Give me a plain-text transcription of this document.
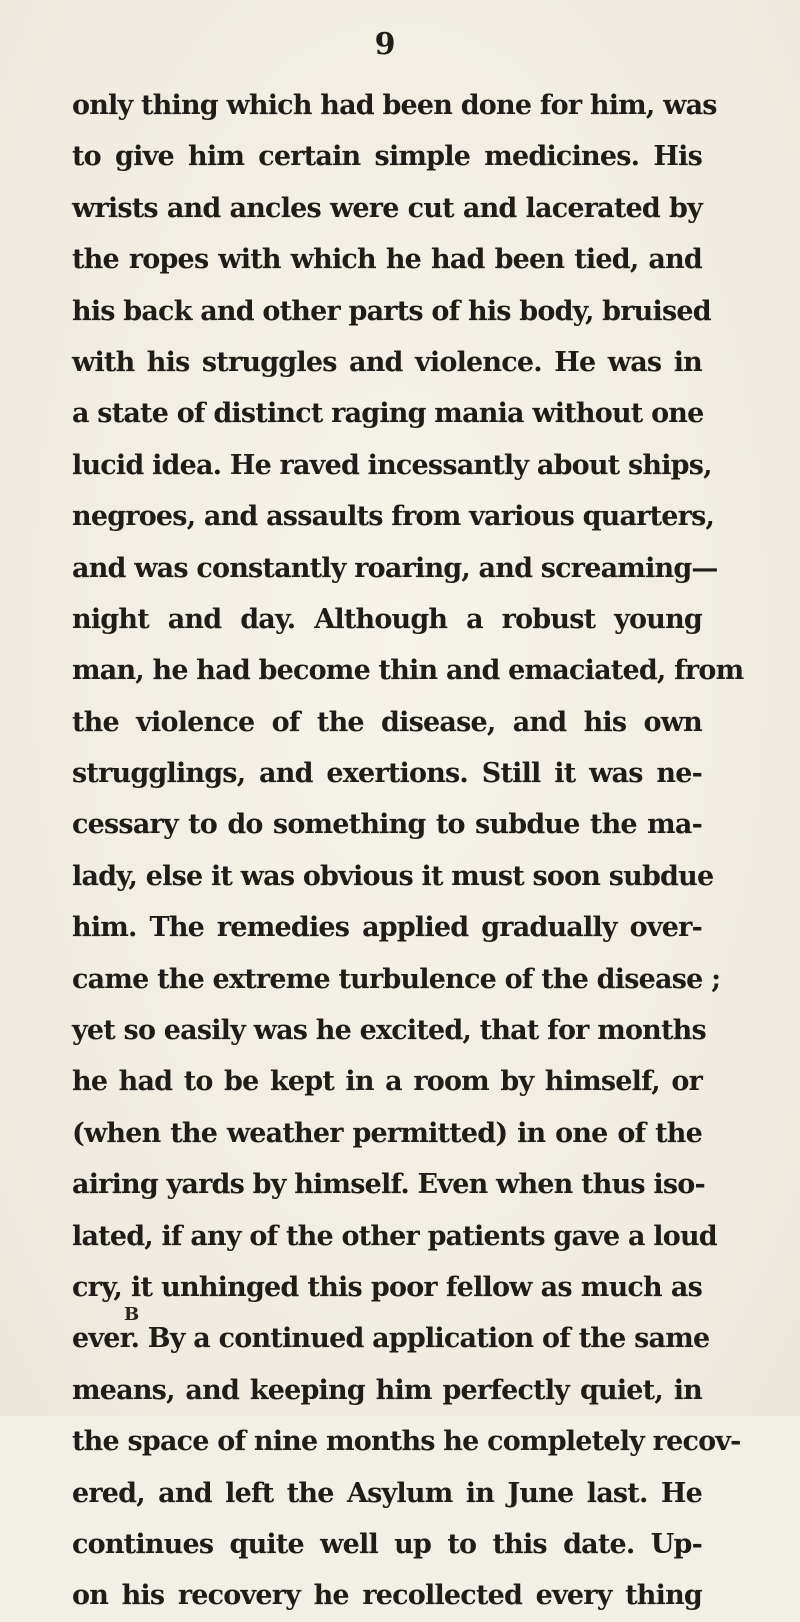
9
only thing which had been done for him, was
to give him certain simple medicines. His
wrists and ancles were cut and lacerated by
the ropes with which he had been tied, and
his back and other parts of his body, bruised
with his struggles and violence. He was in
a state of distinct raging mania without one
lucid idea. He raved incessantly about ships,
negroes, and assaults from various quarters,
and was constantly roaring, and screaming—
night and day. Although a robust young
man, he had become thin and emaciated, from
the violence of the disease, and his own
strugglings, and exertions. Still it was ne-
cessary to do something to subdue the ma-
lady, else it was obvious it must soon subdue
him. The remedies applied gradually over-
came the extreme turbulence of the disease ;
yet so easily was he excited, that for months
he had to be kept in a room by himself, or
(when the weather permitted) in one of the
airing yards by himself. Even when thus iso-
lated, if any of the other patients gave a loud
cry, it unhinged this poor fellow as much as
ever. By a continued application of the same
means, and keeping him perfectly quiet, in
the space of nine months he completely recov-
ered, and left the Asylum in June last. He
continues quite well up to this date. Up-
on his recovery he recollected every thing
B
